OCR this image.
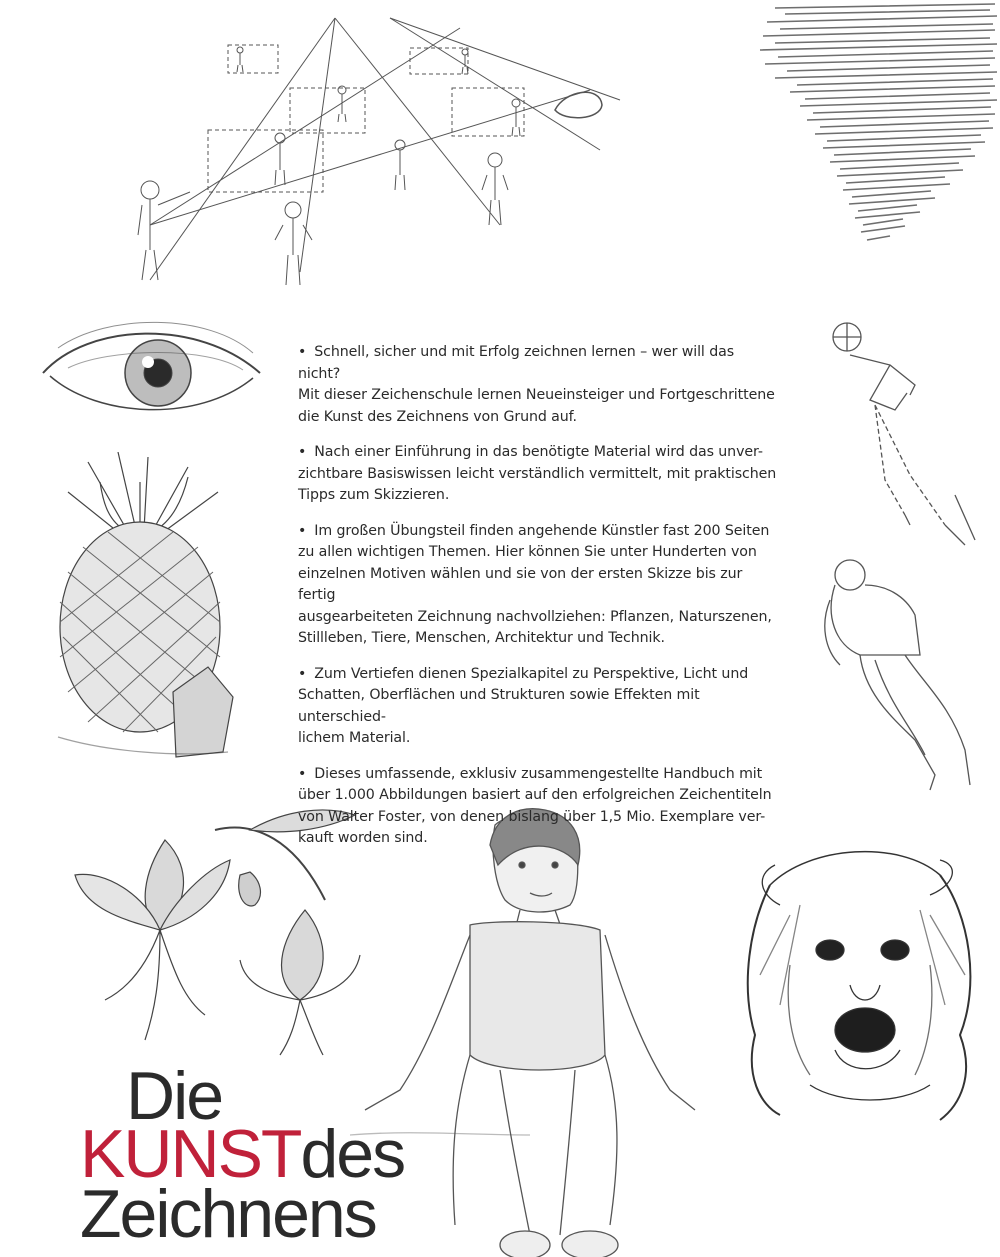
• Schnell, sicher und mit Erfolg zeichnen lernen – wer will das nicht?
Mit dieser Zeichenschule lernen Neueinsteiger und Fortgeschrittene
die Kunst des Zeichnens von Grund auf.

• Nach einer Einführung in das benötigte Material wird das unver-
zichtbare Basiswissen leicht verständlich vermittelt, mit praktischen
Tipps zum Skizzieren.

• Im großen Übungsteil finden angehende Künstler fast 200 Seiten
zu allen wichtigen Themen. Hier können Sie unter Hunderten von
einzelnen Motiven wählen und sie von der ersten Skizze bis zur fertig
ausgearbeiteten Zeichnung nachvollziehen: Pflanzen, Naturszenen,
Stillleben, Tiere, Menschen, Architektur und Technik.

• Zum Vertiefen dienen Spezialkapitel zu Perspektive, Licht und
Schatten, Oberflächen und Strukturen sowie Effekten mit unterschied-
lichem Material.

• Dieses umfassende, exklusiv zusammengestellte Handbuch mit
über 1.000 Abbildungen basiert auf den erfolgreichen Zeichentiteln
von Walter Foster, von denen bislang über 1,5 Mio. Exemplare ver-
kauft worden sind.

Die
KUNSTdes
Zeichnens
